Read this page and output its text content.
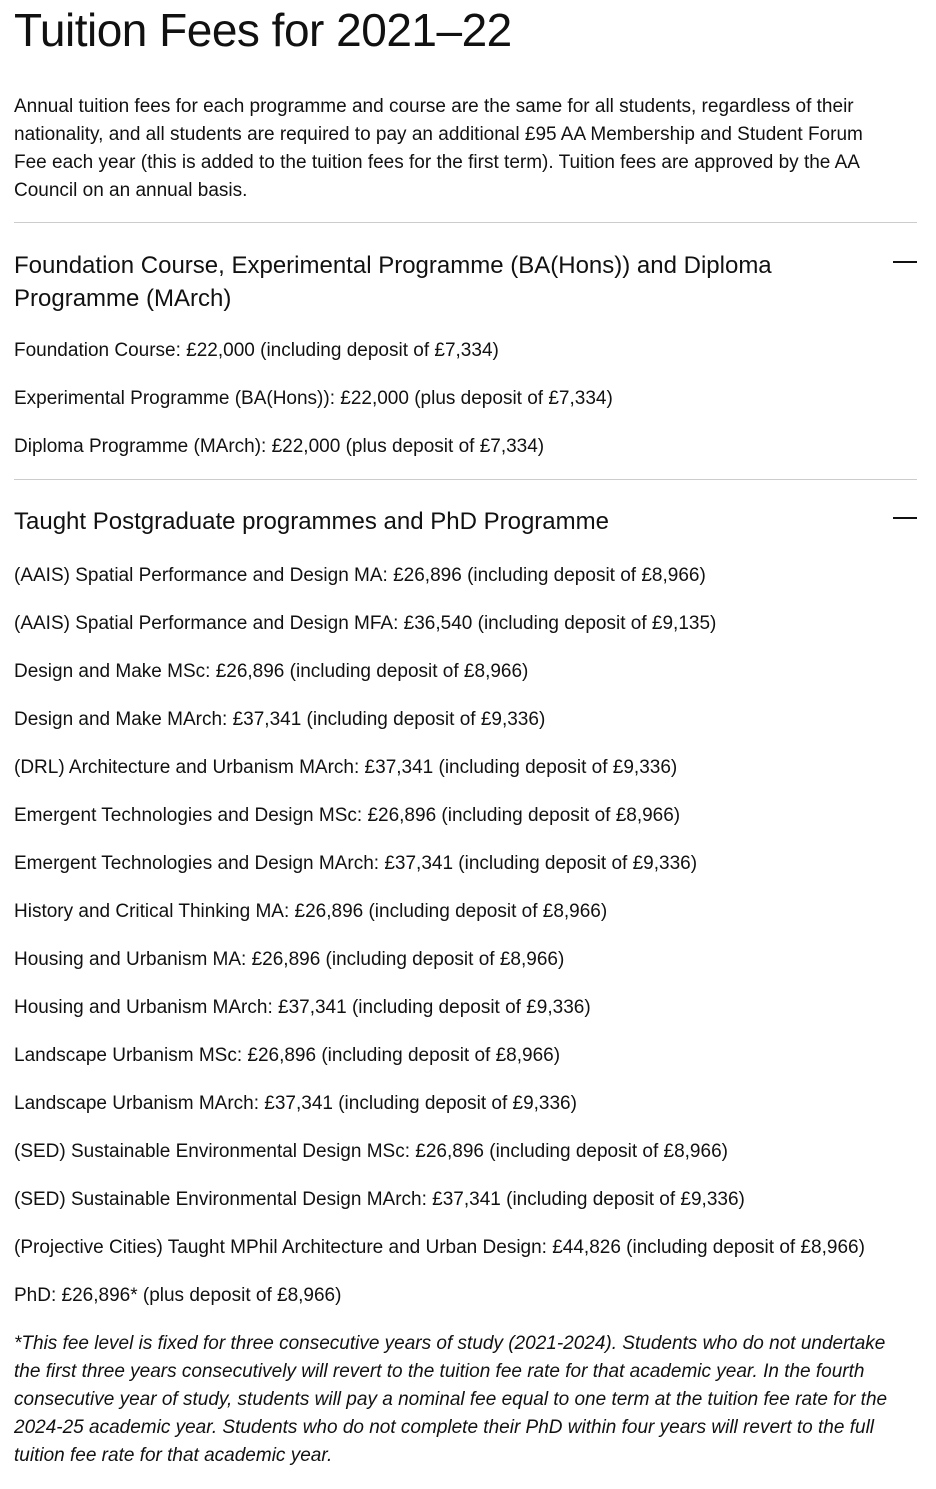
Tuition Fees for 2021–22

Annual tuition fees for each programme and course are the same for all students, regardless of their nationality, and all students are required to pay an additional £95 AA Membership and Student Forum Fee each year (this is added to the tuition fees for the first term). Tuition fees are approved by the AA Council on an annual basis.

Foundation Course, Experimental Programme (BA(Hons)) and Diploma Programme (MArch)
Foundation Course: £22,000 (including deposit of £7,334)
Experimental Programme (BA(Hons)): £22,000 (plus deposit of £7,334)
Diploma Programme (MArch): £22,000 (plus deposit of £7,334)
Taught Postgraduate programmes and PhD Programme
(AAIS) Spatial Performance and Design MA: £26,896 (including deposit of £8,966)
(AAIS) Spatial Performance and Design MFA: £36,540 (including deposit of £9,135)
Design and Make MSc: £26,896 (including deposit of £8,966)
Design and Make MArch: £37,341 (including deposit of £9,336)
(DRL) Architecture and Urbanism MArch: £37,341 (including deposit of £9,336)
Emergent Technologies and Design MSc: £26,896 (including deposit of £8,966)
Emergent Technologies and Design MArch: £37,341 (including deposit of £9,336)
History and Critical Thinking MA: £26,896 (including deposit of £8,966)
Housing and Urbanism MA: £26,896 (including deposit of £8,966)
Housing and Urbanism MArch: £37,341 (including deposit of £9,336)
Landscape Urbanism MSc: £26,896 (including deposit of £8,966)
Landscape Urbanism MArch: £37,341 (including deposit of £9,336)
(SED) Sustainable Environmental Design MSc: £26,896 (including deposit of £8,966)
(SED) Sustainable Environmental Design MArch: £37,341 (including deposit of £9,336)
(Projective Cities) Taught MPhil Architecture and Urban Design: £44,826 (including deposit of £8,966)
PhD: £26,896* (plus deposit of £8,966)

*This fee level is fixed for three consecutive years of study (2021-2024). Students who do not undertake the first three years consecutively will revert to the tuition fee rate for that academic year. In the fourth consecutive year of study, students will pay a nominal fee equal to one term at the tuition fee rate for the 2024-25 academic year. Students who do not complete their PhD within four years will revert to the full tuition fee rate for that academic year.
